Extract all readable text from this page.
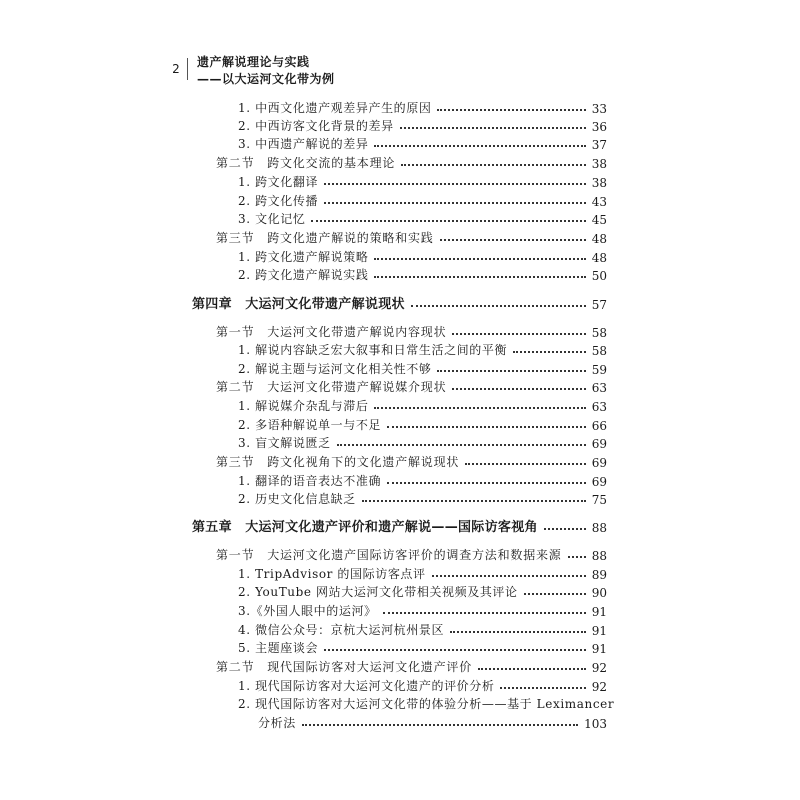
2	遗产解说理论与实践
——以大运河文化带为例
1. 中西文化遗产观差异产生的原因	33
2. 中西访客文化背景的差异	36
3. 中西遗产解说的差异	37
第二节　跨文化交流的基本理论	38
1. 跨文化翻译	38
2. 跨文化传播	43
3. 文化记忆	45
第三节　跨文化遗产解说的策略和实践	48
1. 跨文化遗产解说策略	48
2. 跨文化遗产解说实践	50
第四章　大运河文化带遗产解说现状	57
第一节　大运河文化带遗产解说内容现状	58
1. 解说内容缺乏宏大叙事和日常生活之间的平衡	58
2. 解说主题与运河文化相关性不够	59
第二节　大运河文化带遗产解说媒介现状	63
1. 解说媒介杂乱与滞后	63
2. 多语种解说单一与不足	66
3. 盲文解说匮乏	69
第三节　跨文化视角下的文化遗产解说现状	69
1. 翻译的语音表达不准确	69
2. 历史文化信息缺乏	75
第五章　大运河文化遗产评价和遗产解说——国际访客视角	88
第一节　大运河文化遗产国际访客评价的调查方法和数据来源	88
1. TripAdvisor 的国际访客点评	89
2. YouTube 网站大运河文化带相关视频及其评论	90
3.《外国人眼中的运河》	91
4. 微信公众号：京杭大运河杭州景区	91
5. 主题座谈会	91
第二节　现代国际访客对大运河文化遗产评价	92
1. 现代国际访客对大运河文化遗产的评价分析	92
2. 现代国际访客对大运河文化带的体验分析——基于 Leximancer
分析法	103
